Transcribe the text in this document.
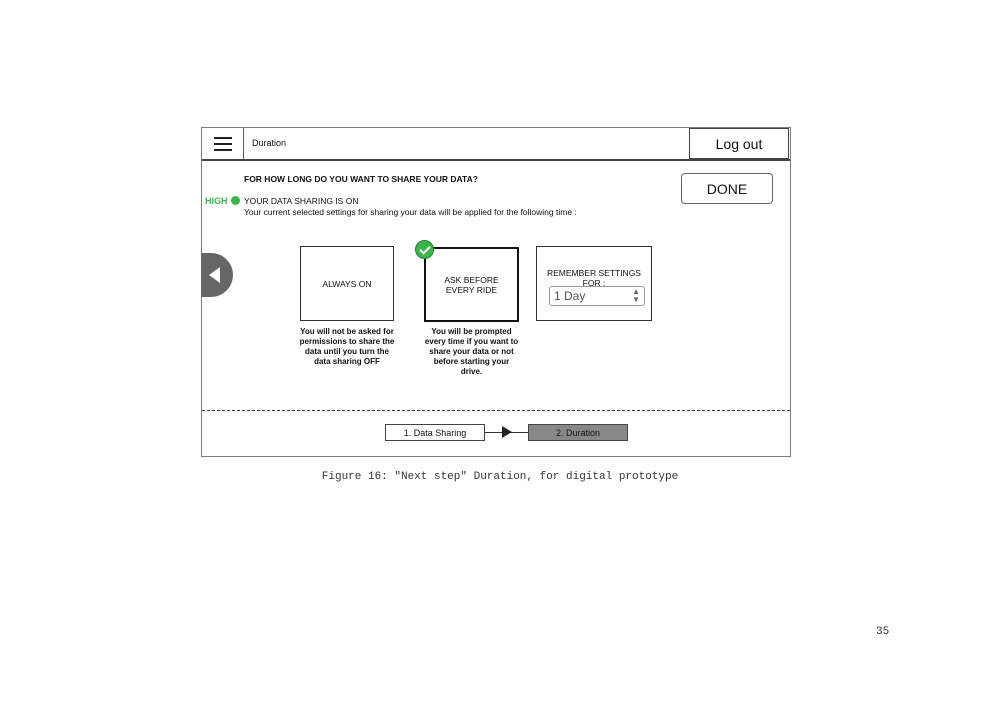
Duration	Log out
DONE
FOR HOW LONG DO YOU WANT TO SHARE YOUR DATA?
HIGH YOUR DATA SHARING IS ON
Your current selected settings for sharing your data will be applied for the following time :
ALWAYS ON	ASK BEFORE
EVERY RIDE
REMEMBER SETTINGS FOR :
1 Day	▲
▼
You will not be asked for permissions to share the data until you turn the data sharing OFF
You will be prompted every time if you want to share your data or not before starting your drive.
1. Data Sharing	2. Duration
Figure 16: "Next step" Duration, for digital prototype
35
